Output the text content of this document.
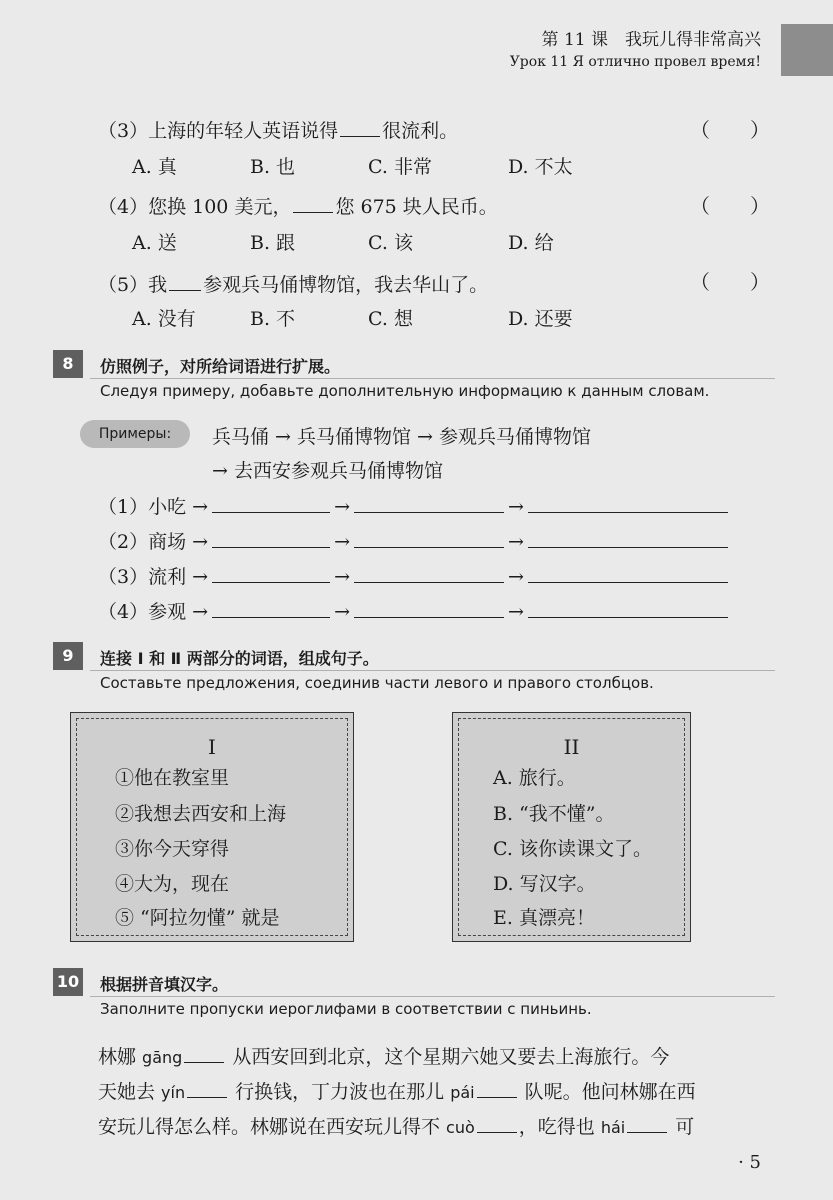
第 11 课　我玩儿得非常高兴
Урок 11 Я отлично провел время!
（3）上海的年轻人英语说得 很流利。	（　　）
A. 真	B. 也	C. 非常	D. 不太
（4）您换 100 美元， 您 675 块人民币。	（　　）
A. 送	B. 跟	C. 该	D. 给
（5）我 参观兵马俑博物馆，我去华山了。	（　　）
A. 没有	B. 不	C. 想	D. 还要
8	仿照例子，对所给词语进行扩展。
Следуя примеру, добавьте дополнительную информацию к данным словам.
Примеры:	兵马俑 → 兵马俑博物馆 → 参观兵马俑博物馆
→ 去西安参观兵马俑博物馆
（1）小吃 →	→	→
（2）商场 →	→	→
（3）流利 →	→	→
（4）参观 →	→	→
9	连接 Ⅰ 和 Ⅱ 两部分的词语，组成句子。
Составьте предложения, соединив части левого и правого столбцов.
I
①他在教室里
②我想去西安和上海
③你今天穿得
④大为，现在
⑤ “阿拉勿懂” 就是
II
A. 旅行。
B. “我不懂”。
C. 该你读课文了。
D. 写汉字。
E. 真漂亮！
10 根据拼音填汉字。
Заполните пропуски иероглифами в соответствии с пиньинь.
林娜 gāng 从西安回到北京，这个星期六她又要去上海旅行。今
天她去 yín 行换钱，丁力波也在那儿 pái 队呢。他问林娜在西
安玩儿得怎么样。林娜说在西安玩儿得不 cuò ，吃得也 hái 可
· 5
